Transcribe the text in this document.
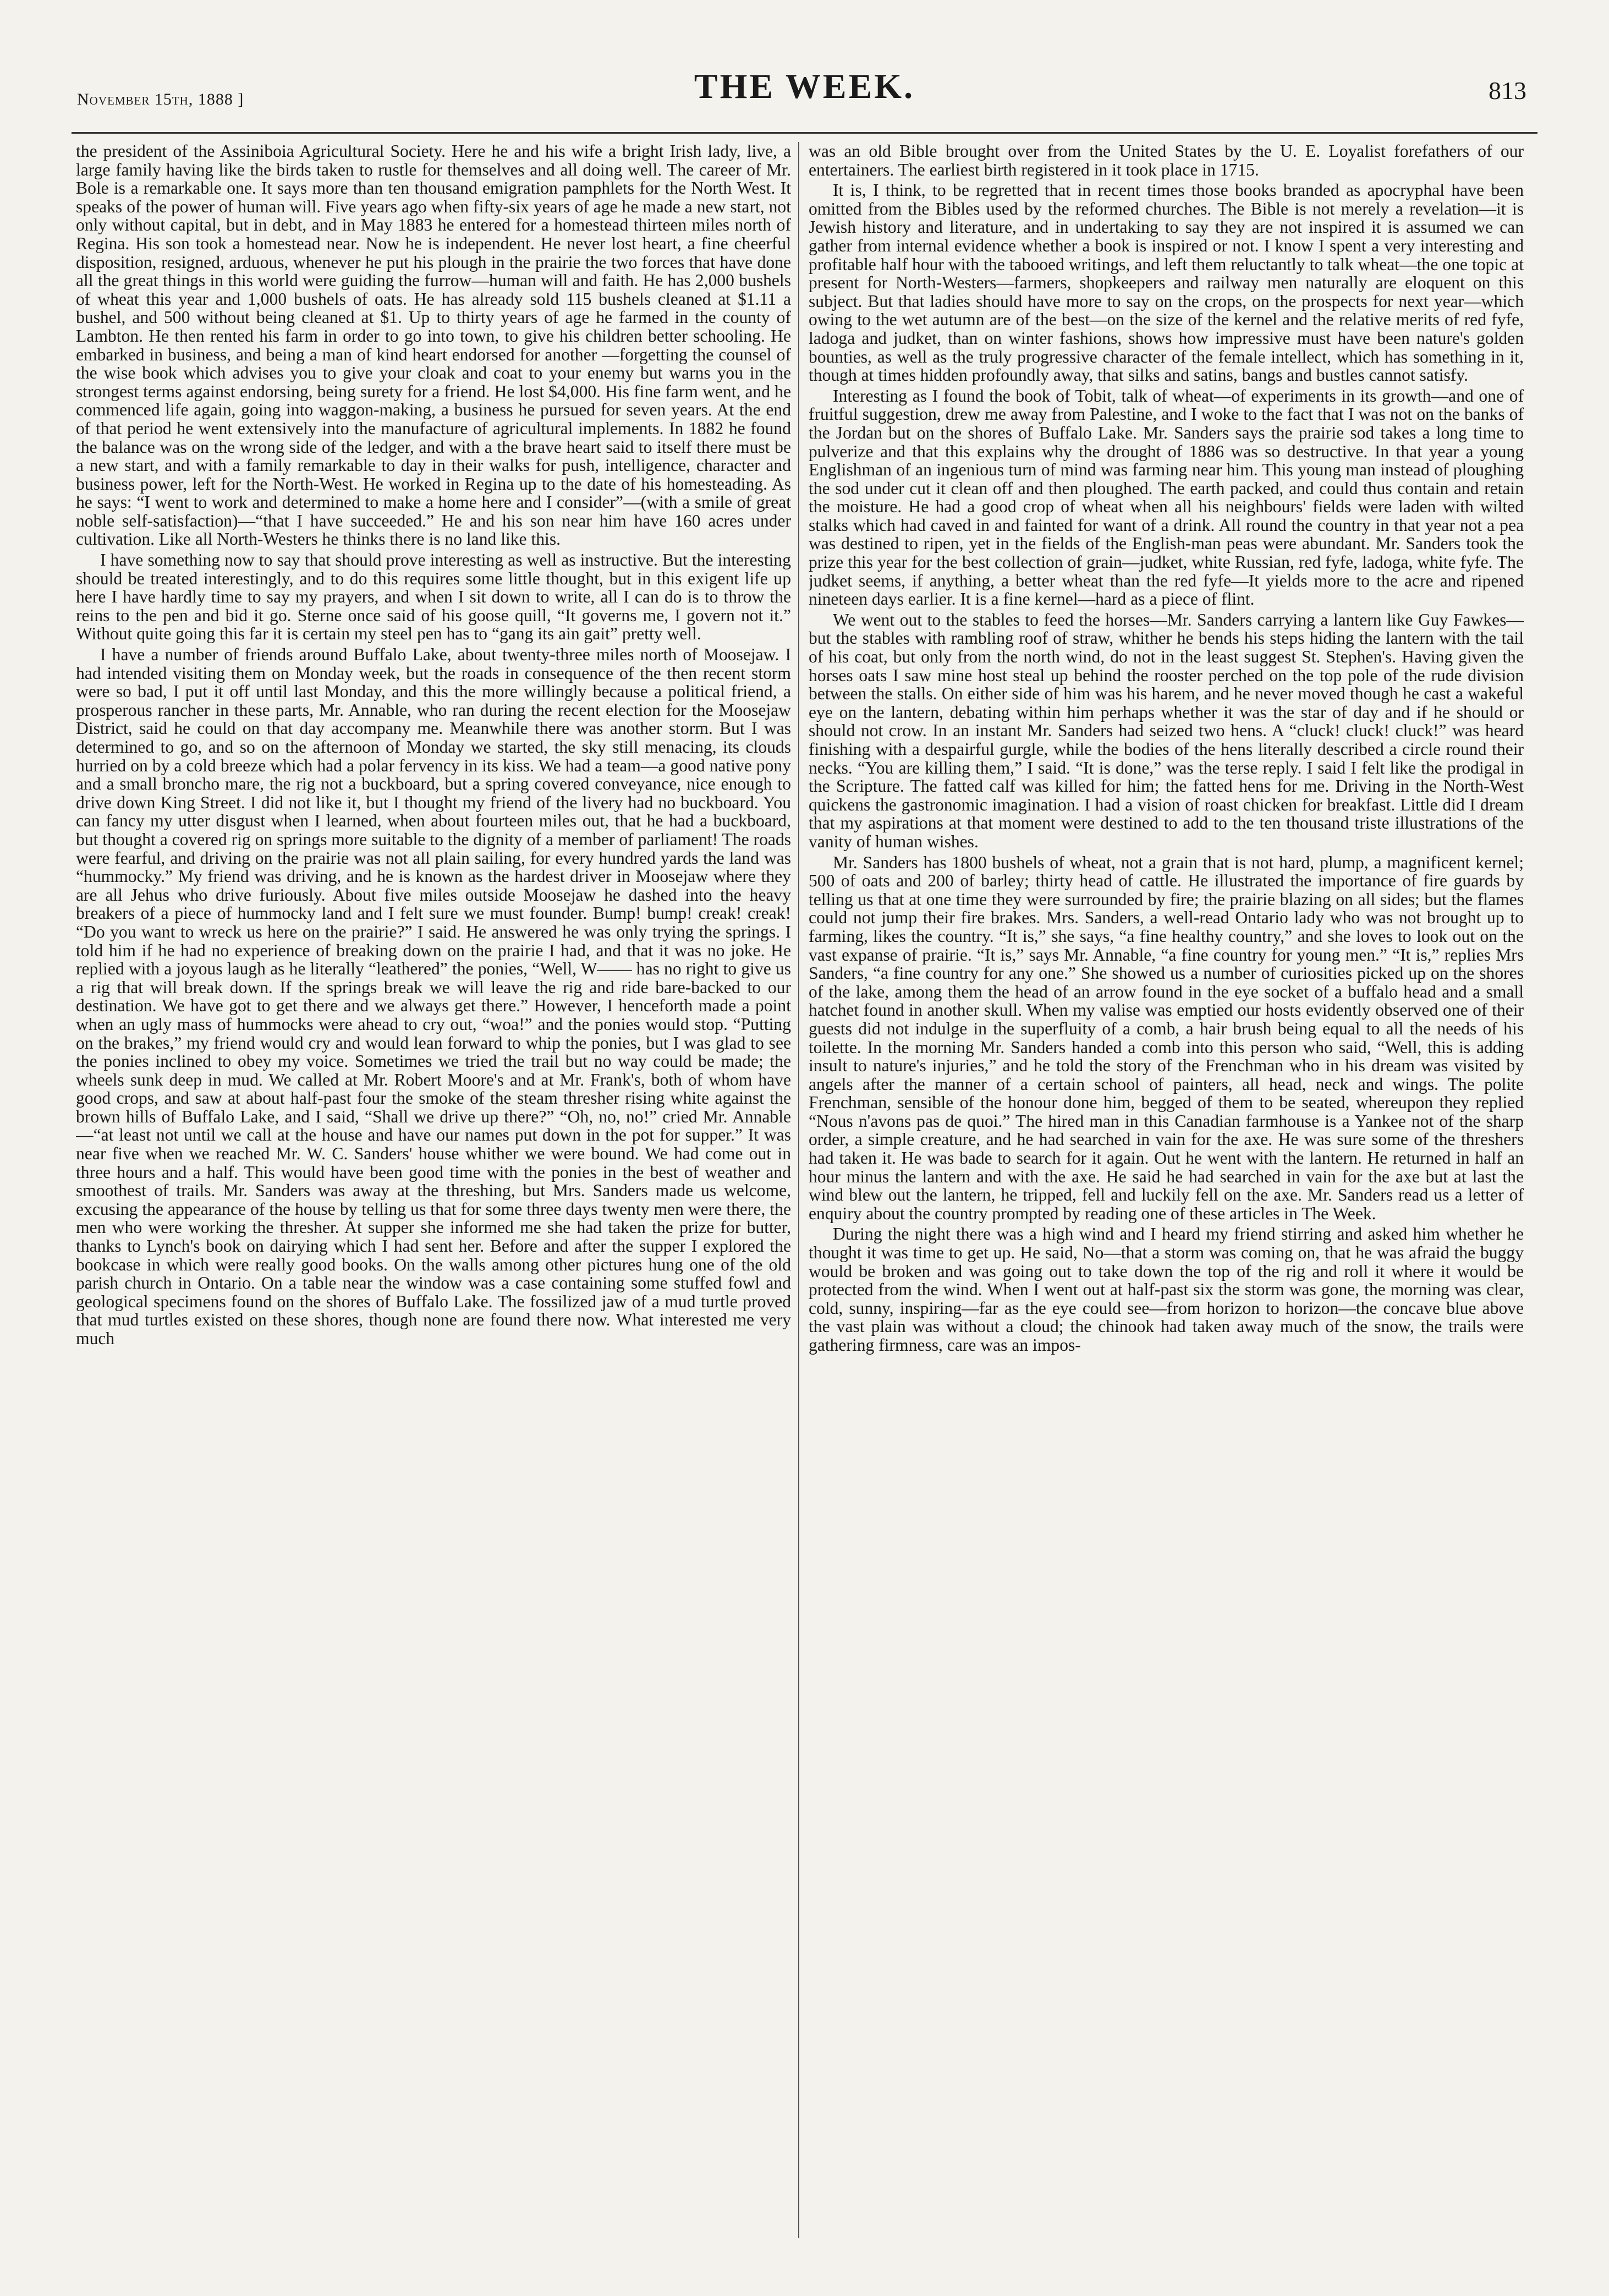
November 15th, 1888 ]	THE WEEK.	813

the president of the Assiniboia Agricultural Society. Here he and his wife a bright Irish lady, live, a large family having like the birds taken to rustle for themselves and all doing well. The career of Mr. Bole is a remarkable one. It says more than ten thousand emigration pamphlets for the North West. It speaks of the power of human will. Five years ago when fifty-six years of age he made a new start, not only without capital, but in debt, and in May 1883 he entered for a homestead thirteen miles north of Regina. His son took a homestead near. Now he is independent. He never lost heart, a fine cheerful disposition, resigned, arduous, whenever he put his plough in the prairie the two forces that have done all the great things in this world were guiding the furrow—human will and faith. He has 2,000 bushels of wheat this year and 1,000 bushels of oats. He has already sold 115 bushels cleaned at $1.11 a bushel, and 500 without being cleaned at $1. Up to thirty years of age he farmed in the county of Lambton. He then rented his farm in order to go into town, to give his children better schooling. He embarked in business, and being a man of kind heart endorsed for another —forgetting the counsel of the wise book which advises you to give your cloak and coat to your enemy but warns you in the strongest terms against endorsing, being surety for a friend. He lost $4,000. His fine farm went, and he commenced life again, going into waggon-making, a business he pursued for seven years. At the end of that period he went extensively into the manufacture of agricultural implements. In 1882 he found the balance was on the wrong side of the ledger, and with a the brave heart said to itself there must be a new start, and with a family remarkable to day in their walks for push, intelligence, character and business power, left for the North-West. He worked in Regina up to the date of his homesteading. As he says: “I went to work and determined to make a home here and I consider”—(with a smile of great noble self-satisfaction)—“that I have succeeded.” He and his son near him have 160 acres under cultivation. Like all North-Westers he thinks there is no land like this.

I have something now to say that should prove interesting as well as instructive. But the interesting should be treated interestingly, and to do this requires some little thought, but in this exigent life up here I have hardly time to say my prayers, and when I sit down to write, all I can do is to throw the reins to the pen and bid it go. Sterne once said of his goose quill, “It governs me, I govern not it.” Without quite going this far it is certain my steel pen has to “gang its ain gait” pretty well.

I have a number of friends around Buffalo Lake, about twenty-three miles north of Moosejaw. I had intended visiting them on Monday week, but the roads in consequence of the then recent storm were so bad, I put it off until last Monday, and this the more willingly because a political friend, a prosperous rancher in these parts, Mr. Annable, who ran during the recent election for the Moosejaw District, said he could on that day accompany me. Meanwhile there was another storm. But I was determined to go, and so on the afternoon of Monday we started, the sky still menacing, its clouds hurried on by a cold breeze which had a polar fervency in its kiss. We had a team—a good native pony and a small broncho mare, the rig not a buckboard, but a spring covered conveyance, nice enough to drive down King Street. I did not like it, but I thought my friend of the livery had no buckboard. You can fancy my utter disgust when I learned, when about fourteen miles out, that he had a buckboard, but thought a covered rig on springs more suitable to the dignity of a member of parliament! The roads were fearful, and driving on the prairie was not all plain sailing, for every hundred yards the land was “hummocky.” My friend was driving, and he is known as the hardest driver in Moosejaw where they are all Jehus who drive furiously. About five miles outside Moosejaw he dashed into the heavy breakers of a piece of hummocky land and I felt sure we must founder. Bump! bump! creak! creak! “Do you want to wreck us here on the prairie?” I said. He answered he was only trying the springs. I told him if he had no experience of breaking down on the prairie I had, and that it was no joke. He replied with a joyous laugh as he literally “leathered” the ponies, “Well, W—— has no right to give us a rig that will break down. If the springs break we will leave the rig and ride bare-backed to our destination. We have got to get there and we always get there.” However, I henceforth made a point when an ugly mass of hummocks were ahead to cry out, “woa!” and the ponies would stop. “Putting on the brakes,” my friend would cry and would lean forward to whip the ponies, but I was glad to see the ponies inclined to obey my voice. Sometimes we tried the trail but no way could be made; the wheels sunk deep in mud. We called at Mr. Robert Moore's and at Mr. Frank's, both of whom have good crops, and saw at about half-past four the smoke of the steam thresher rising white against the brown hills of Buffalo Lake, and I said, “Shall we drive up there?” “Oh, no, no!” cried Mr. Annable—“at least not until we call at the house and have our names put down in the pot for supper.” It was near five when we reached Mr. W. C. Sanders' house whither we were bound. We had come out in three hours and a half. This would have been good time with the ponies in the best of weather and smoothest of trails. Mr. Sanders was away at the threshing, but Mrs. Sanders made us welcome, excusing the appearance of the house by telling us that for some three days twenty men were there, the men who were working the thresher. At supper she informed me she had taken the prize for butter, thanks to Lynch's book on dairying which I had sent her. Before and after the supper I explored the bookcase in which were really good books. On the walls among other pictures hung one of the old parish church in Ontario. On a table near the window was a case containing some stuffed fowl and geological specimens found on the shores of Buffalo Lake. The fossilized jaw of a mud turtle proved that mud turtles existed on these shores, though none are found there now. What interested me very much

was an old Bible brought over from the United States by the U. E. Loyalist forefathers of our entertainers. The earliest birth registered in it took place in 1715.

It is, I think, to be regretted that in recent times those books branded as apocryphal have been omitted from the Bibles used by the reformed churches. The Bible is not merely a revelation—it is Jewish history and literature, and in undertaking to say they are not inspired it is assumed we can gather from internal evidence whether a book is inspired or not. I know I spent a very interesting and profitable half hour with the tabooed writings, and left them reluctantly to talk wheat—the one topic at present for North-Westers—farmers, shopkeepers and railway men naturally are eloquent on this subject. But that ladies should have more to say on the crops, on the prospects for next year—which owing to the wet autumn are of the best—on the size of the kernel and the relative merits of red fyfe, ladoga and judket, than on winter fashions, shows how impressive must have been nature's golden bounties, as well as the truly progressive character of the female intellect, which has something in it, though at times hidden profoundly away, that silks and satins, bangs and bustles cannot satisfy.

Interesting as I found the book of Tobit, talk of wheat—of experiments in its growth—and one of fruitful suggestion, drew me away from Palestine, and I woke to the fact that I was not on the banks of the Jordan but on the shores of Buffalo Lake. Mr. Sanders says the prairie sod takes a long time to pulverize and that this explains why the drought of 1886 was so destructive. In that year a young Englishman of an ingenious turn of mind was farming near him. This young man instead of ploughing the sod under cut it clean off and then ploughed. The earth packed, and could thus contain and retain the moisture. He had a good crop of wheat when all his neighbours' fields were laden with wilted stalks which had caved in and fainted for want of a drink. All round the country in that year not a pea was destined to ripen, yet in the fields of the English-man peas were abundant. Mr. Sanders took the prize this year for the best collection of grain—judket, white Russian, red fyfe, ladoga, white fyfe. The judket seems, if anything, a better wheat than the red fyfe—It yields more to the acre and ripened nineteen days earlier. It is a fine kernel—hard as a piece of flint.

We went out to the stables to feed the horses—Mr. Sanders carrying a lantern like Guy Fawkes—but the stables with rambling roof of straw, whither he bends his steps hiding the lantern with the tail of his coat, but only from the north wind, do not in the least suggest St. Stephen's. Having given the horses oats I saw mine host steal up behind the rooster perched on the top pole of the rude division between the stalls. On either side of him was his harem, and he never moved though he cast a wakeful eye on the lantern, debating within him perhaps whether it was the star of day and if he should or should not crow. In an instant Mr. Sanders had seized two hens. A “cluck! cluck! cluck!” was heard finishing with a despairful gurgle, while the bodies of the hens literally described a circle round their necks. “You are killing them,” I said. “It is done,” was the terse reply. I said I felt like the prodigal in the Scripture. The fatted calf was killed for him; the fatted hens for me. Driving in the North-West quickens the gastronomic imagination. I had a vision of roast chicken for breakfast. Little did I dream that my aspirations at that moment were destined to add to the ten thousand triste illustrations of the vanity of human wishes.

Mr. Sanders has 1800 bushels of wheat, not a grain that is not hard, plump, a magnificent kernel; 500 of oats and 200 of barley; thirty head of cattle. He illustrated the importance of fire guards by telling us that at one time they were surrounded by fire; the prairie blazing on all sides; but the flames could not jump their fire brakes. Mrs. Sanders, a well-read Ontario lady who was not brought up to farming, likes the country. “It is,” she says, “a fine healthy country,” and she loves to look out on the vast expanse of prairie. “It is,” says Mr. Annable, “a fine country for young men.” “It is,” replies Mrs Sanders, “a fine country for any one.” She showed us a number of curiosities picked up on the shores of the lake, among them the head of an arrow found in the eye socket of a buffalo head and a small hatchet found in another skull. When my valise was emptied our hosts evidently observed one of their guests did not indulge in the superfluity of a comb, a hair brush being equal to all the needs of his toilette. In the morning Mr. Sanders handed a comb into this person who said, “Well, this is adding insult to nature's injuries,” and he told the story of the Frenchman who in his dream was visited by angels after the manner of a certain school of painters, all head, neck and wings. The polite Frenchman, sensible of the honour done him, begged of them to be seated, whereupon they replied “Nous n'avons pas de quoi.” The hired man in this Canadian farmhouse is a Yankee not of the sharp order, a simple creature, and he had searched in vain for the axe. He was sure some of the threshers had taken it. He was bade to search for it again. Out he went with the lantern. He returned in half an hour minus the lantern and with the axe. He said he had searched in vain for the axe but at last the wind blew out the lantern, he tripped, fell and luckily fell on the axe. Mr. Sanders read us a letter of enquiry about the country prompted by reading one of these articles in The Week.

During the night there was a high wind and I heard my friend stirring and asked him whether he thought it was time to get up. He said, No—that a storm was coming on, that he was afraid the buggy would be broken and was going out to take down the top of the rig and roll it where it would be protected from the wind. When I went out at half-past six the storm was gone, the morning was clear, cold, sunny, inspiring—far as the eye could see—from horizon to horizon—the concave blue above the vast plain was without a cloud; the chinook had taken away much of the snow, the trails were gathering firmness, care was an impos-
